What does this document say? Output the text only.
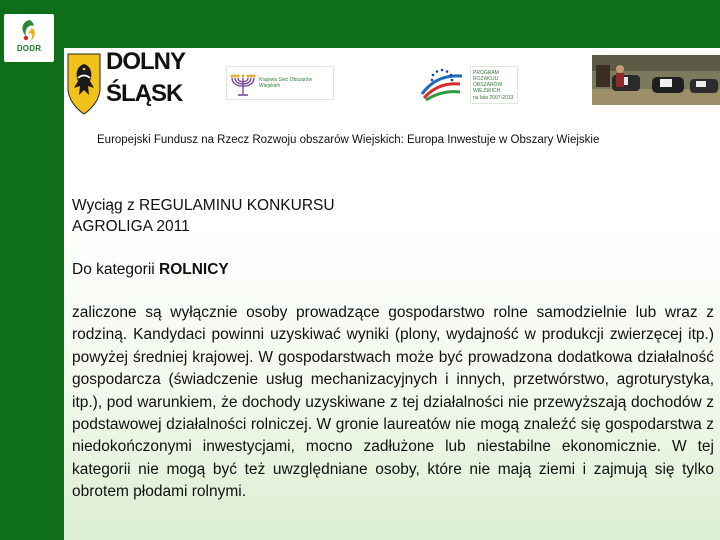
DODR	DOLNY
ŚLĄSK	Krajowa Sieć Obszarów Wiejskich
PROGRAM ROZWOJU OBSZARÓW WIEJSKICH
na lata 2007-2013
Europejski Fundusz na Rzecz Rozwoju obszarów Wiejskich: Europa Inwestuje w Obszary Wiejskie
Wyciąg z REGULAMINU KONKURSU
AGROLIGA 2011
Do kategorii ROLNICY
zaliczone są wyłącznie osoby prowadzące gospodarstwo rolne samodzielnie lub wraz z rodziną. Kandydaci powinni uzyskiwać wyniki (plony, wydajność w produkcji zwierzęcej itp.) powyżej średniej krajowej. W gospodarstwach może być prowadzona dodatkowa działalność gospodarcza (świadczenie usług mechanizacyjnych i innych, przetwórstwo, agroturystyka, itp.), pod warunkiem, że dochody uzyskiwane z tej działalności nie przewyższają dochodów z podstawowej działalności rolniczej. W gronie laureatów nie mogą znaleźć się gospodarstwa z niedokończonymi inwestycjami, mocno zadłużone lub niestabilne ekonomicznie. W tej kategorii nie mogą być też uwzględniane osoby, które nie mają ziemi i zajmują się tylko obrotem płodami rolnymi.
